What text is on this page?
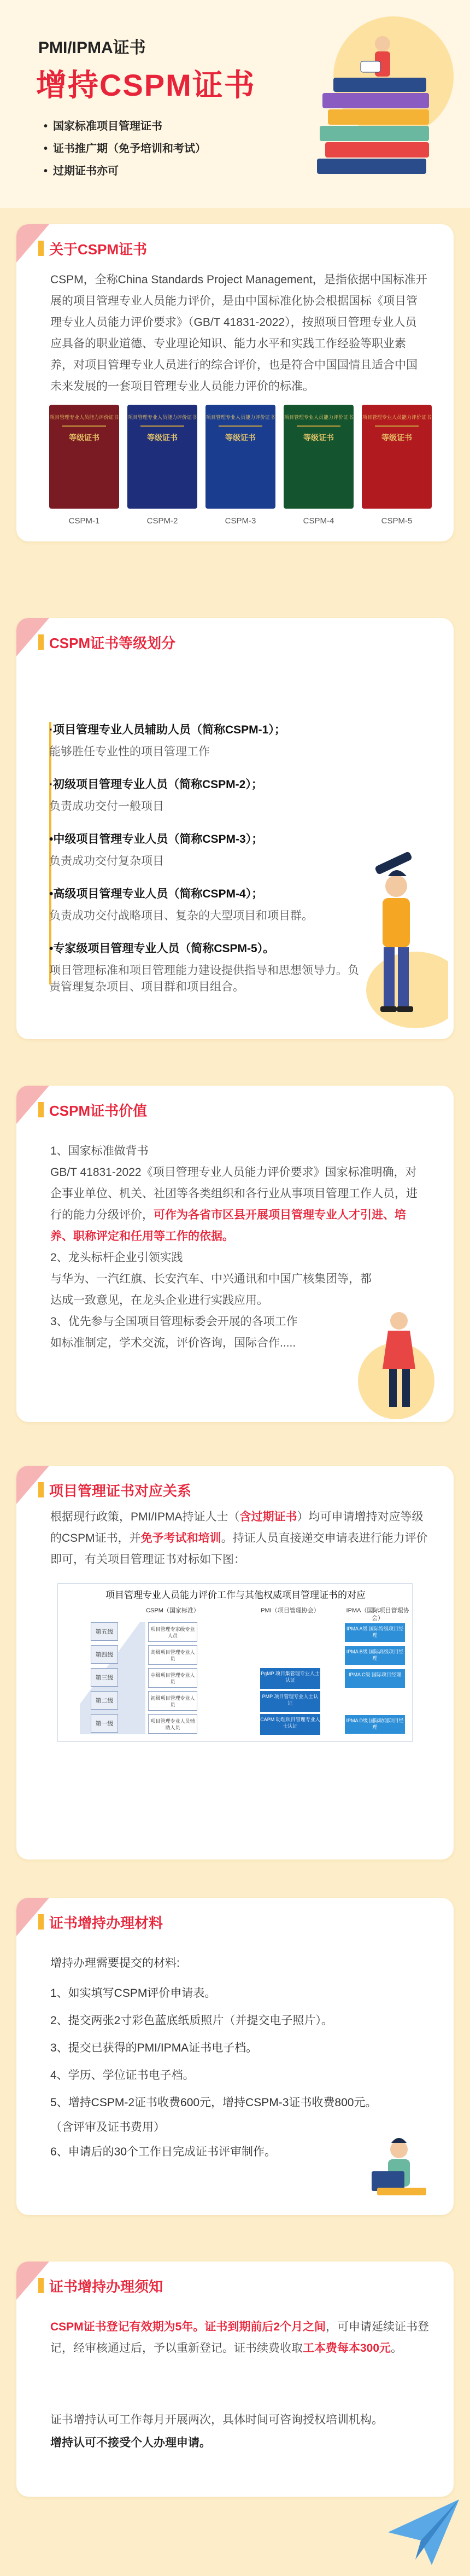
PMI/IPMA证书
增持CSPM证书
• 国家标准项目管理证书
• 证书推广期（免予培训和考试）
• 过期证书亦可
关于CSPM证书
CSPM，全称China Standards Project Management，是指依据中国标准开展的项目管理专业人员能力评价，是由中国标准化协会根据国标《项目管理专业人员能力评价要求》（GB/T 41831-2022），按照项目管理专业人员应具备的职业道德、专业理论知识、能力水平和实践工作经验等职业素养，对项目管理专业人员进行的综合评价，也是符合中国国情且适合中国未来发展的一套项目管理专业人员能力评价的标准。
项目管理专业人员能力评价证书
等级证书
CSPM-1
项目管理专业人员能力评价证书
等级证书
CSPM-2
项目管理专业人员能力评价证书
等级证书
CSPM-3
项目管理专业人员能力评价证书
等级证书
CSPM-4
项目管理专业人员能力评价证书
等级证书
CSPM-5
CSPM证书等级划分
·项目管理专业人员辅助人员（简称CSPM-1）；
能够胜任专业性的项目管理工作
·初级项目管理专业人员（简称CSPM-2）；
负责成功交付一般项目
•中级项目管理专业人员（简称CSPM-3）；
负责成功交付复杂项目
•高级项目管理专业人员（简称CSPM-4）；
负责成功交付战略项目、复杂的大型项目和项目群。
•专家级项目管理专业人员（简称CSPM-5）。
项目管理标准和项目管理能力建设提供指导和思想领导力。负责管理复杂项目、项目群和项目组合。
CSPM证书价值
1、国家标准做背书
GB/T 41831-2022《项目管理专业人员能力评价要求》国家标准明确，对企事业单位、机关、社团等各类组织和各行业从事项目管理工作人员，进行的能力分级评价，可作为各省市区县开展项目管理专业人才引进、培养、职称评定和任用等工作的依据。
2、龙头标杆企业引领实践
与华为、一汽红旗、长安汽车、中兴通讯和中国广核集团等，都达成一致意见，在龙头企业进行实践应用。
3、优先参与全国项目管理标委会开展的各项工作
如标准制定，学术交流，评价咨询，国际合作.....
项目管理证书对应关系
根据现行政策，PMI/IPMA持证人士（含过期证书）均可申请增持对应等级的CSPM证书，并免予考试和培训。持证人员直接递交申请表进行能力评价即可，有关项目管理证书对标如下图：
项目管理专业人员能力评价工作与其他权威项目管理证书的对应
CSPM（国家标准）	PMI（项目管理协会）	IPMA（国际项目管理协会）
第五级
第四级
第三级
第二级
第一级
项目管理专家级专业人员
高级项目管理专业人员
中级项目管理专业人员
初级项目管理专业人员
项目管理专业人员辅助人员
PgMP 项目集管理专业人士认证
PMP 项目管理专业人士认证
CAPM 助理项目管理专业人士认证
IPMA A级 国际特级项目经理
IPMA B级 国际高级项目经理
IPMA C级 国际项目经理
IPMA D级 国际助理项目经理
证书增持办理材料
增持办理需要提交的材料:
1、如实填写CSPM评价申请表。
2、提交两张2寸彩色蓝底纸质照片（并提交电子照片）。
3、提交已获得的PMI/IPMA证书电子档。
4、学历、学位证书电子档。
5、增持CSPM-2证书收费600元，增持CSPM-3证书收费800元。
（含评审及证书费用）
6、申请后的30个工作日完成证书评审制作。
证书增持办理须知
CSPM证书登记有效期为5年。证书到期前后2个月之间，可申请延续证书登记，经审核通过后，予以重新登记。证书续费收取工本费每本300元。
证书增持认可工作每月开展两次，具体时间可咨询授权培训机构。
增持认可不接受个人办理申请。
